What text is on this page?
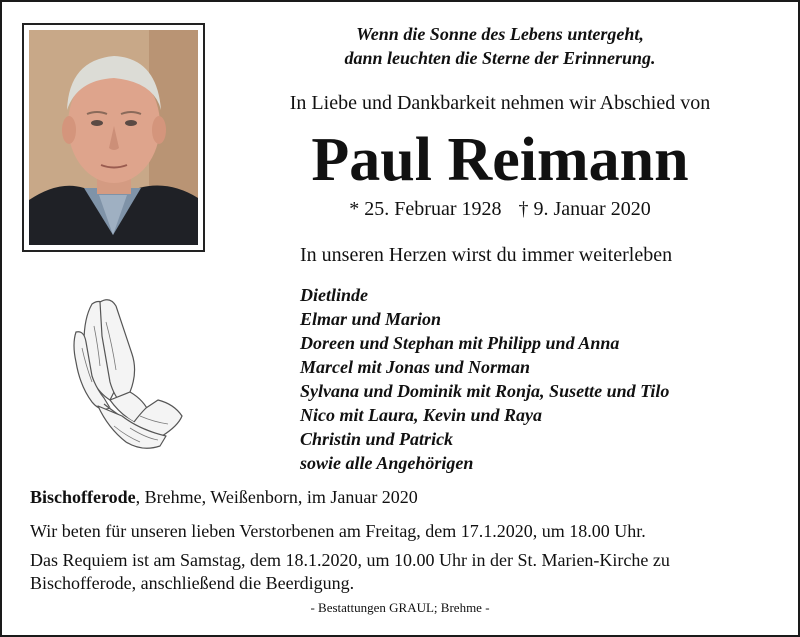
Wenn die Sonne des Lebens untergeht,
dann leuchten die Sterne der Erinnerung.
In Liebe und Dankbarkeit nehmen wir Abschied von
Paul Reimann
* 25. Februar 1928 † 9. Januar 2020
In unseren Herzen wirst du immer weiterleben
Dietlinde
Elmar und Marion
Doreen und Stephan mit Philipp und Anna
Marcel mit Jonas und Norman
Sylvana und Dominik mit Ronja, Susette und Tilo
Nico mit Laura, Kevin und Raya
Christin und Patrick
sowie alle Angehörigen
Bischofferode, Brehme, Weißenborn, im Januar 2020
Wir beten für unseren lieben Verstorbenen am Freitag, dem 17.1.2020, um 18.00 Uhr.
Das Requiem ist am Samstag, dem 18.1.2020, um 10.00 Uhr in der St. Marien-Kirche zu Bischofferode, anschließend die Beerdigung.
- Bestattungen GRAUL; Brehme -
